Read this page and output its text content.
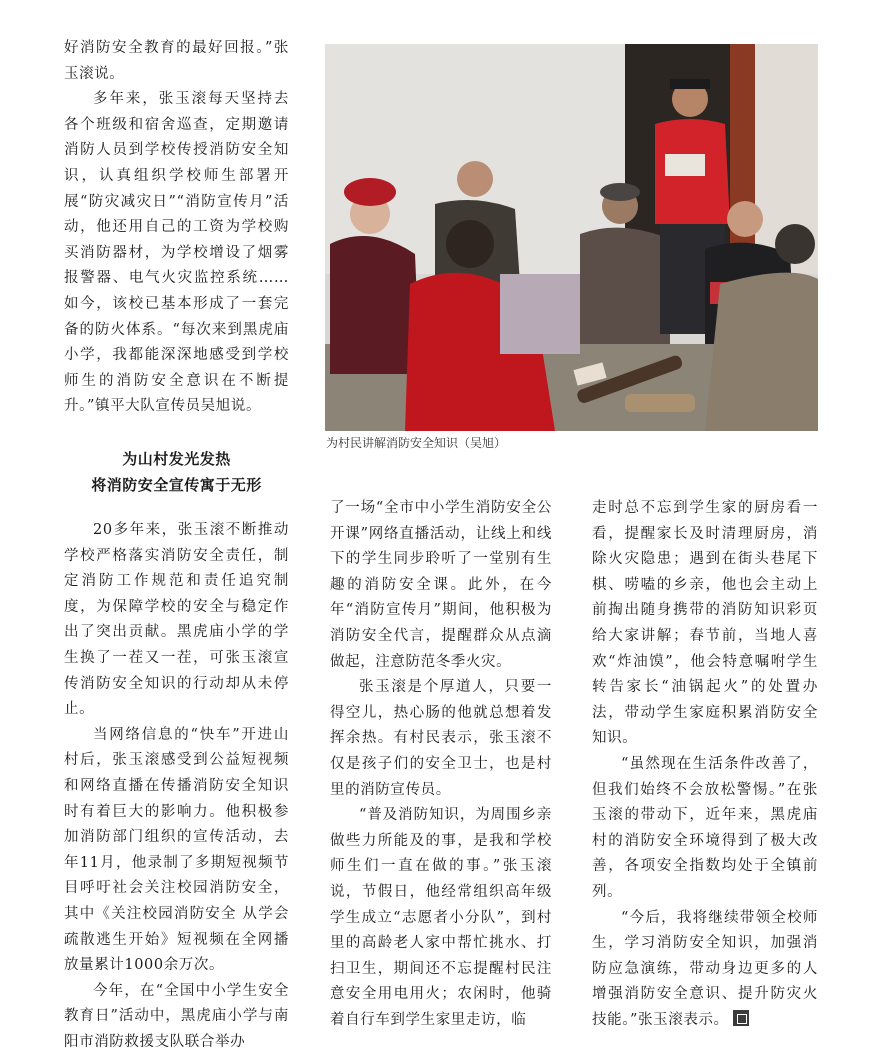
好消防安全教育的最好回报。”张玉滚说。

多年来，张玉滚每天坚持去各个班级和宿舍巡查，定期邀请消防人员到学校传授消防安全知识，认真组织学校师生部署开展“防灾减灾日”“消防宣传月”活动，他还用自己的工资为学校购买消防器材，为学校增设了烟雾报警器、电气火灾监控系统……如今，该校已基本形成了一套完备的防火体系。“每次来到黑虎庙小学，我都能深深地感受到学校师生的消防安全意识在不断提升。”镇平大队宣传员吴旭说。

为山村发光发热
将消防安全宣传寓于无形

20多年来，张玉滚不断推动学校严格落实消防安全责任，制定消防工作规范和责任追究制度，为保障学校的安全与稳定作出了突出贡献。黑虎庙小学的学生换了一茬又一茬，可张玉滚宣传消防安全知识的行动却从未停止。

当网络信息的“快车”开进山村后，张玉滚感受到公益短视频和网络直播在传播消防安全知识时有着巨大的影响力。他积极参加消防部门组织的宣传活动，去年11月，他录制了多期短视频节目呼吁社会关注校园消防安全，其中《关注校园消防安全 从学会疏散逃生开始》短视频在全网播放量累计1000余万次。

今年，在“全国中小学生安全教育日”活动中，黑虎庙小学与南阳市消防救援支队联合举办

为村民讲解消防安全知识（吴旭）

了一场“全市中小学生消防安全公开课”网络直播活动，让线上和线下的学生同步聆听了一堂别有生趣的消防安全课。此外，在今年“消防宣传月”期间，他积极为消防安全代言，提醒群众从点滴做起，注意防范冬季火灾。

张玉滚是个厚道人，只要一得空儿，热心肠的他就总想着发挥余热。有村民表示，张玉滚不仅是孩子们的安全卫士，也是村里的消防宣传员。

“普及消防知识，为周围乡亲做些力所能及的事，是我和学校师生们一直在做的事。”张玉滚说，节假日，他经常组织高年级学生成立“志愿者小分队”，到村里的高龄老人家中帮忙挑水、打扫卫生，期间还不忘提醒村民注意安全用电用火；农闲时，他骑着自行车到学生家里走访，临

走时总不忘到学生家的厨房看一看，提醒家长及时清理厨房，消除火灾隐患；遇到在街头巷尾下棋、唠嗑的乡亲，他也会主动上前掏出随身携带的消防知识彩页给大家讲解；春节前，当地人喜欢“炸油馍”，他会特意嘱咐学生转告家长“油锅起火”的处置办法，带动学生家庭积累消防安全知识。

“虽然现在生活条件改善了，但我们始终不会放松警惕。”在张玉滚的带动下，近年来，黑虎庙村的消防安全环境得到了极大改善，各项安全指数均处于全镇前列。

“今后，我将继续带领全校师生，学习消防安全知识，加强消防应急演练，带动身边更多的人增强消防安全意识、提升防灾火技能。”张玉滚表示。
